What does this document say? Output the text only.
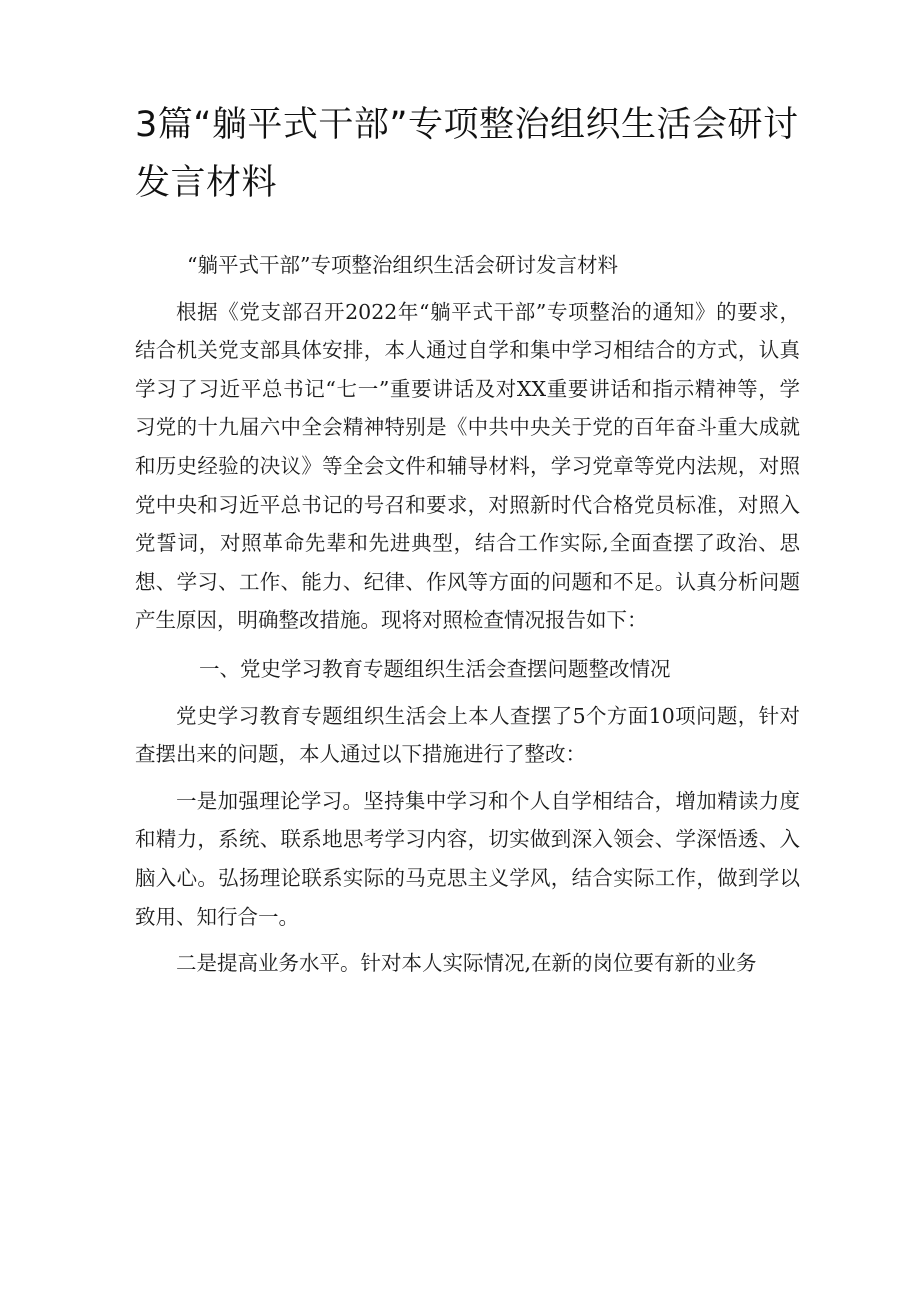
3篇“躺平式干部”专项整治组织生活会研讨发言材料

“躺平式干部”专项整治组织生活会研讨发言材料

根据《党支部召开2022年“躺平式干部”专项整治的通知》的要求，结合机关党支部具体安排，本人通过自学和集中学习相结合的方式，认真学习了习近平总书记“七一”重要讲话及对XX重要讲话和指示精神等，学习党的十九届六中全会精神特别是《中共中央关于党的百年奋斗重大成就和历史经验的决议》等全会文件和辅导材料，学习党章等党内法规，对照党中央和习近平总书记的号召和要求，对照新时代合格党员标准，对照入党誓词，对照革命先辈和先进典型，结合工作实际,全面查摆了政治、思想、学习、工作、能力、纪律、作风等方面的问题和不足。认真分析问题产生原因，明确整改措施。现将对照检查情况报告如下：

一、党史学习教育专题组织生活会查摆问题整改情况

党史学习教育专题组织生活会上本人查摆了5个方面10项问题，针对查摆出来的问题，本人通过以下措施进行了整改：

一是加强理论学习。坚持集中学习和个人自学相结合，增加精读力度和精力，系统、联系地思考学习内容，切实做到深入领会、学深悟透、入脑入心。弘扬理论联系实际的马克思主义学风，结合实际工作，做到学以致用、知行合一。

二是提高业务水平。针对本人实际情况,在新的岗位要有新的业务
